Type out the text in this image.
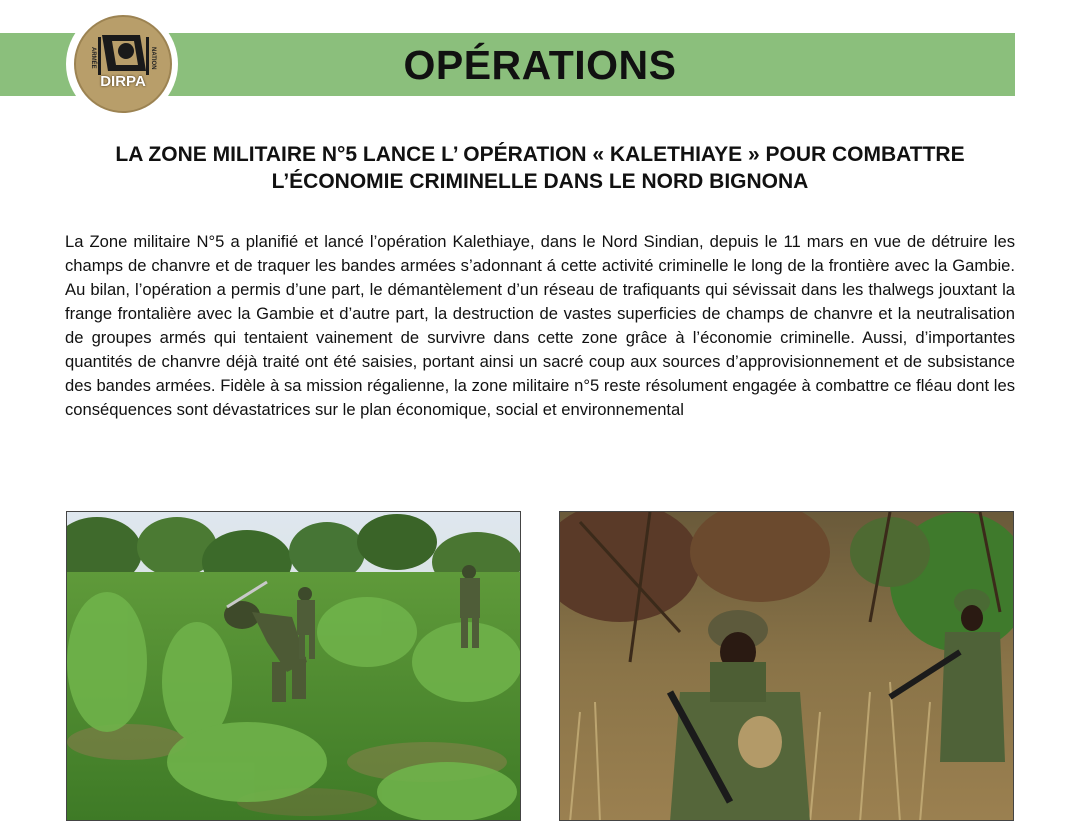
OPÉRATIONS
ARMÉE	NATION
DIRPA
LA ZONE MILITAIRE N°5 LANCE L’ OPÉRATION « KALETHIAYE » POUR COMBATTRE L’ÉCONOMIE CRIMINELLE DANS LE NORD BIGNONA

La Zone militaire N°5 a planifié et lancé l’opération Kalethiaye, dans le Nord Sindian, depuis le 11 mars en vue de détruire les champs de chanvre et de traquer les bandes armées s’adonnant á cette activité criminelle le long de la frontière avec la Gambie. Au bilan, l’opération a permis d’une part, le démantèlement d’un réseau de trafiquants qui sévissait dans les thalwegs jouxtant la frange frontalière avec la Gambie et d’autre part, la destruction de vastes superficies de champs de chanvre et la neutralisation de groupes armés qui tentaient vainement de survivre dans cette zone grâce à l’économie criminelle. Aussi, d’importantes quantités de chanvre déjà traité ont été saisies, portant ainsi un sacré coup aux sources d’approvisionnement et de subsistance des bandes armées. Fidèle à sa mission régalienne, la zone militaire n°5 reste résolument engagée à combattre ce fléau dont les conséquences sont dévastatrices sur le plan économique, social et environnemental
